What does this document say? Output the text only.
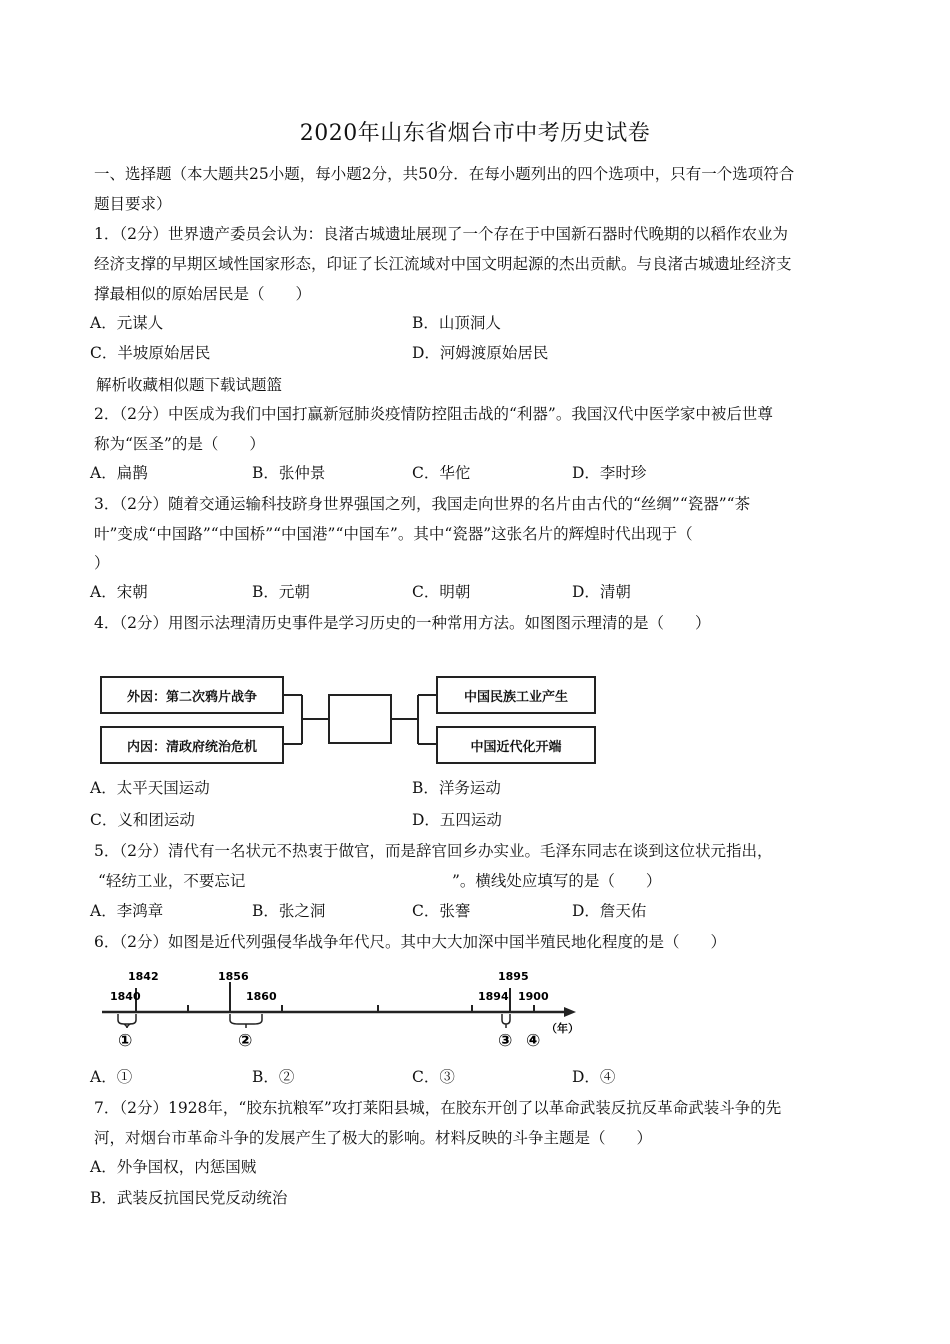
2020年山东省烟台市中考历史试卷
一、选择题（本大题共25小题，每小题2分，共50分．在每小题列出的四个选项中，只有一个选项符合
题目要求）
1．（2分）世界遗产委员会认为：良渚古城遗址展现了一个存在于中国新石器时代晚期的以稻作农业为
经济支撑的早期区域性国家形态，印证了长江流域对中国文明起源的杰出贡献。与良渚古城遗址经济支
撑最相似的原始居民是（　　）
A．元谋人	B．山顶洞人
C．半坡原始居民	D．河姆渡原始居民
解析收藏相似题下载试题篮
2．（2分）中医成为我们中国打赢新冠肺炎疫情防控阻击战的“利器”。我国汉代中医学家中被后世尊
称为“医圣”的是（　　）
A．扁鹊	B．张仲景	C．华佗	D．李时珍
3．（2分）随着交通运输科技跻身世界强国之列，我国走向世界的名片由古代的“丝绸”“瓷器”“茶
叶”变成“中国路”“中国桥”“中国港”“中国车”。其中“瓷器”这张名片的辉煌时代出现于（
）
A．宋朝	B．元朝	C．明朝	D．清朝
4．（2分）用图示法理清历史事件是学习历史的一种常用方法。如图图示理清的是（　　）
外因：第二次鸦片战争
内因：清政府统治危机
中国民族工业产生
中国近代化开端
A．太平天国运动	B．洋务运动
C．义和团运动	D．五四运动
5．（2分）清代有一名状元不热衷于做官，而是辞官回乡办实业。毛泽东同志在谈到这位状元指出，
“轻纺工业，不要忘记	”。横线处应填写的是（　　）
A．李鸿章	B．张之洞	C．张謇	D．詹天佑
6．（2分）如图是近代列强侵华战争年代尺。其中大大加深中国半殖民地化程度的是（　　）
1840
1842	1856
1860	1894
1895
1900
①	②	③ ④
（年）
A．①	B．②	C．③	D．④
7．（2分）1928年，“胶东抗粮军”攻打莱阳县城，在胶东开创了以革命武装反抗反革命武装斗争的先
河，对烟台市革命斗争的发展产生了极大的影响。材料反映的斗争主题是（　　）
A．外争国权，内惩国贼
B．武装反抗国民党反动统治
